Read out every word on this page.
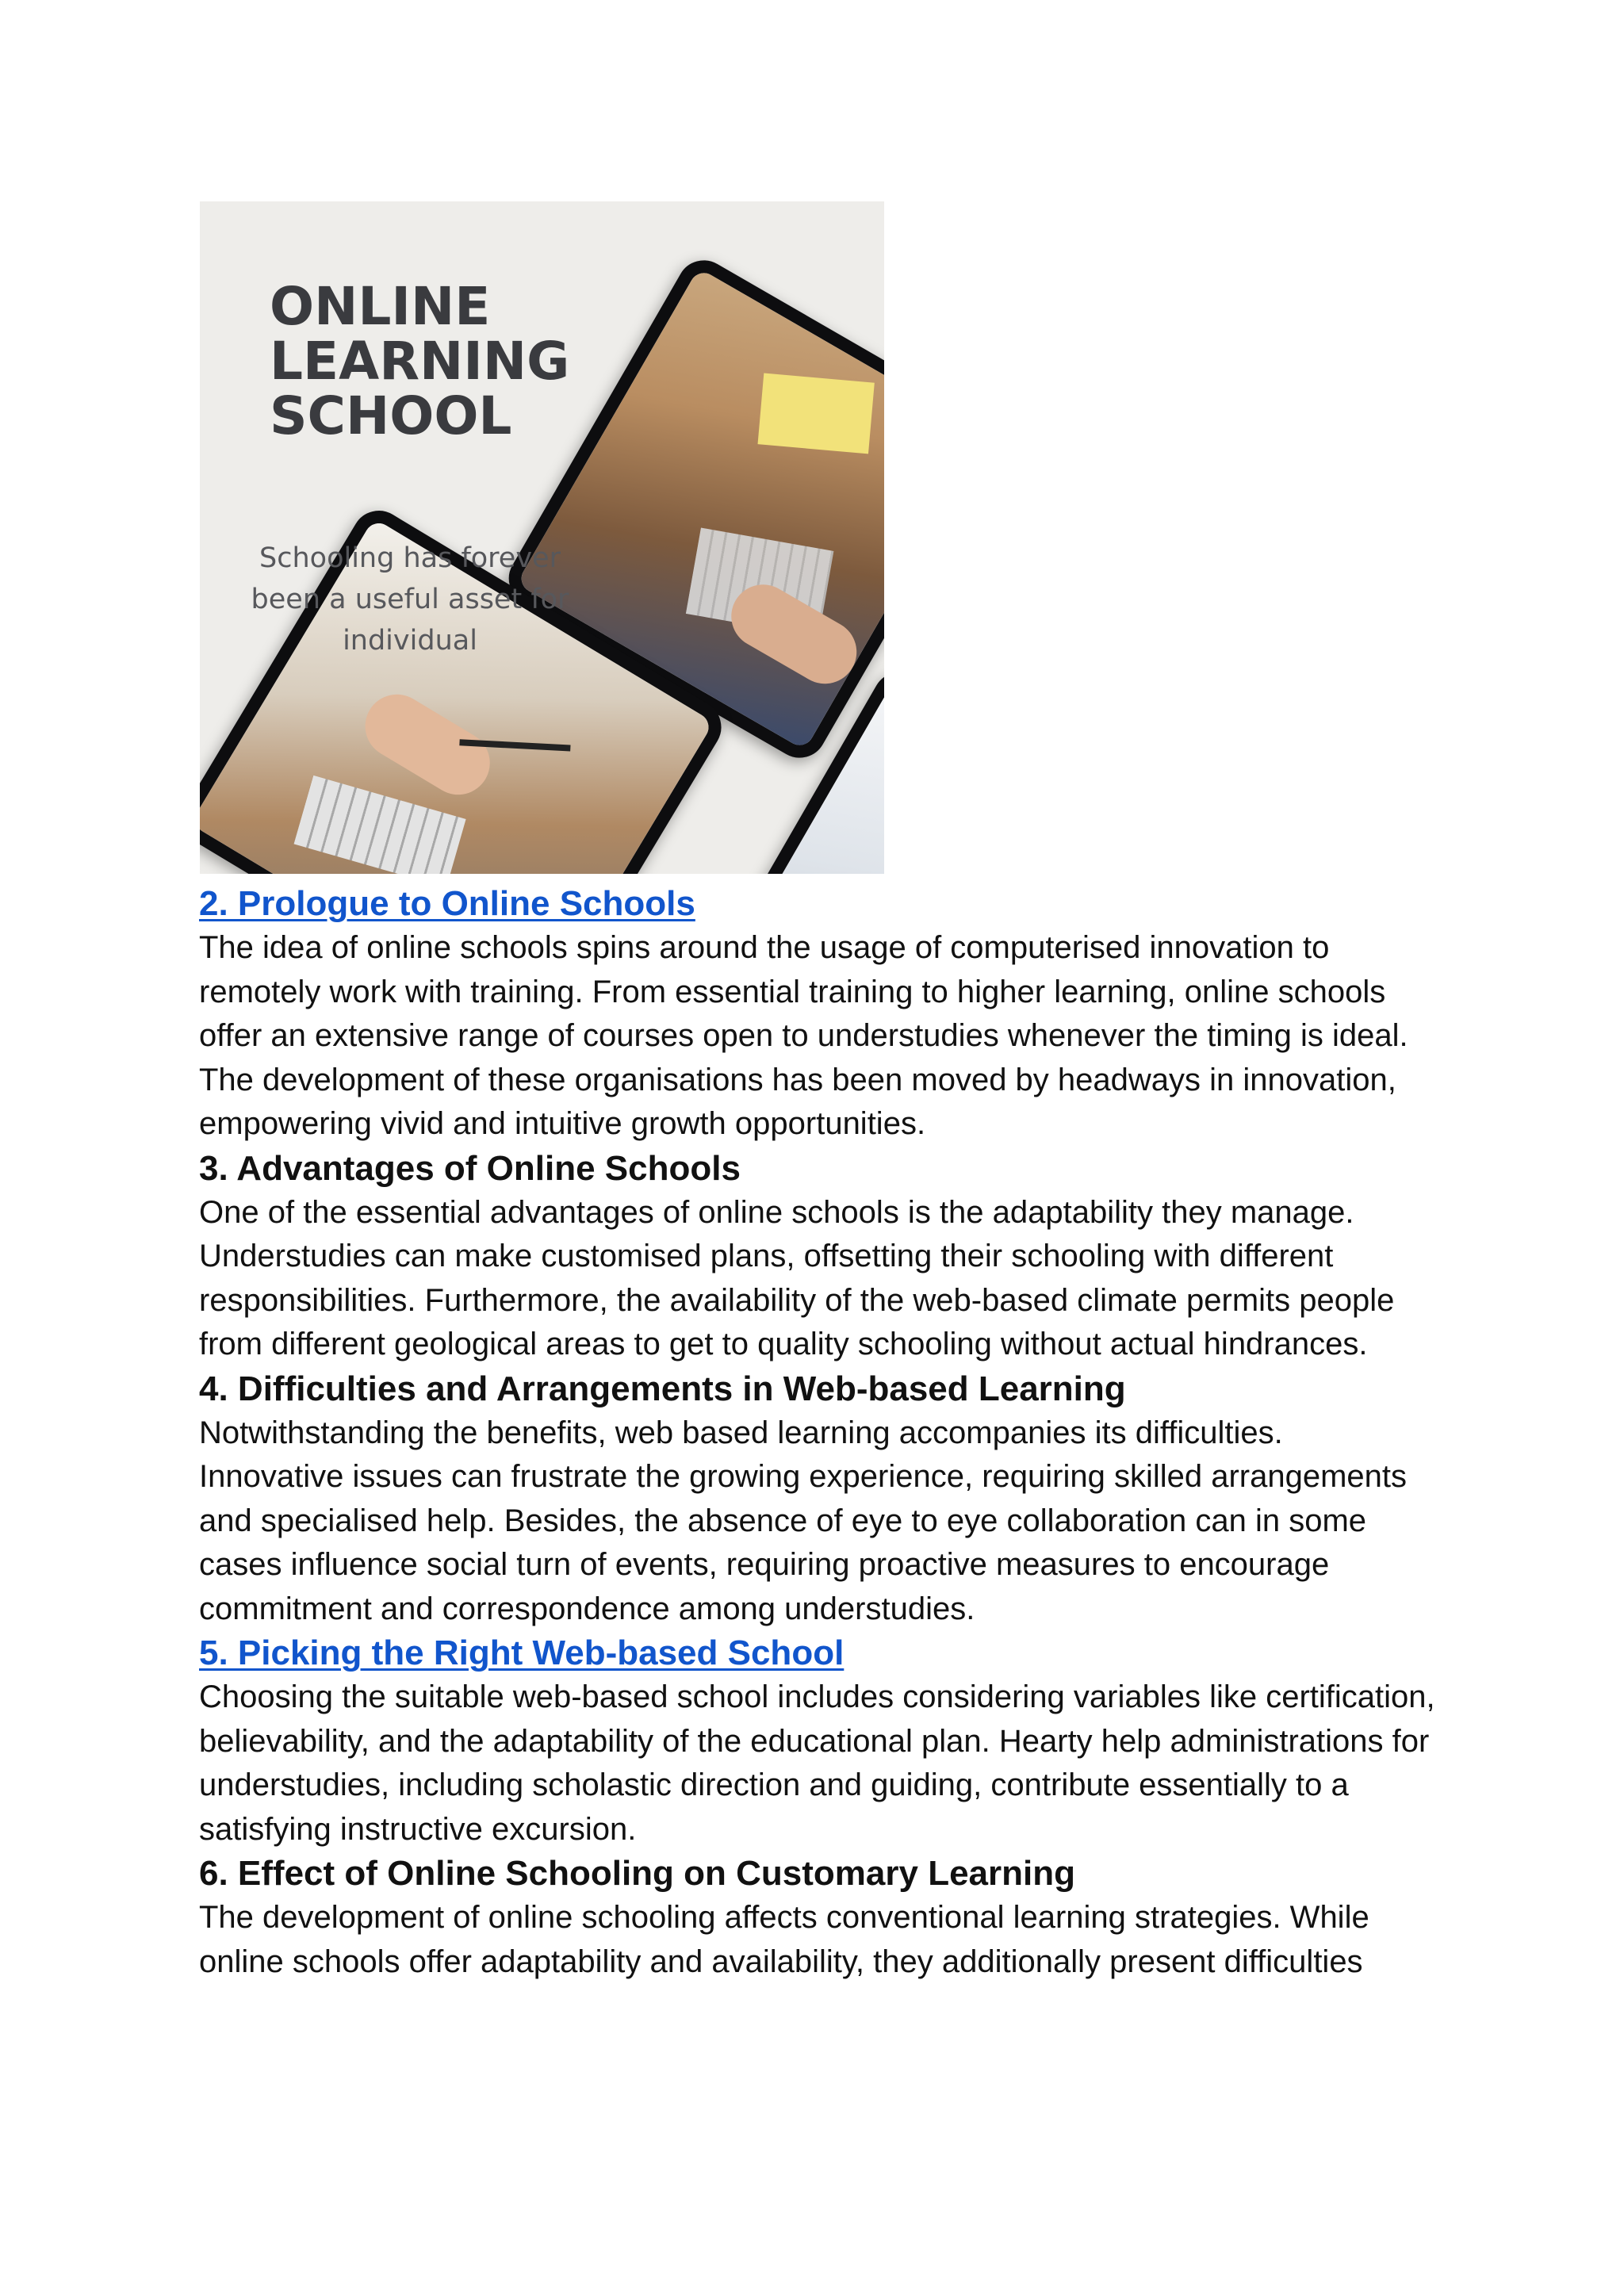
ONLINE
LEARNING
SCHOOL
Schooling has forever been a useful asset for individual
2. Prologue to Online Schools

The idea of online schools spins around the usage of computerised innovation to remotely work with training. From essential training to higher learning, online schools offer an extensive range of courses open to understudies whenever the timing is ideal. The development of these organisations has been moved by headways in innovation, empowering vivid and intuitive growth opportunities.

3. Advantages of Online Schools

One of the essential advantages of online schools is the adaptability they manage. Understudies can make customised plans, offsetting their schooling with different responsibilities. Furthermore, the availability of the web-based climate permits people from different geological areas to get to quality schooling without actual hindrances.

4. Difficulties and Arrangements in Web-based Learning

Notwithstanding the benefits, web based learning accompanies its difficulties. Innovative issues can frustrate the growing experience, requiring skilled arrangements and specialised help. Besides, the absence of eye to eye collaboration can in some cases influence social turn of events, requiring proactive measures to encourage commitment and correspondence among understudies.

5. Picking the Right Web-based School

Choosing the suitable web-based school includes considering variables like certification, believability, and the adaptability of the educational plan. Hearty help administrations for understudies, including scholastic direction and guiding, contribute essentially to a satisfying instructive excursion.

6. Effect of Online Schooling on Customary Learning

The development of online schooling affects conventional learning strategies. While online schools offer adaptability and availability, they additionally present difficulties
